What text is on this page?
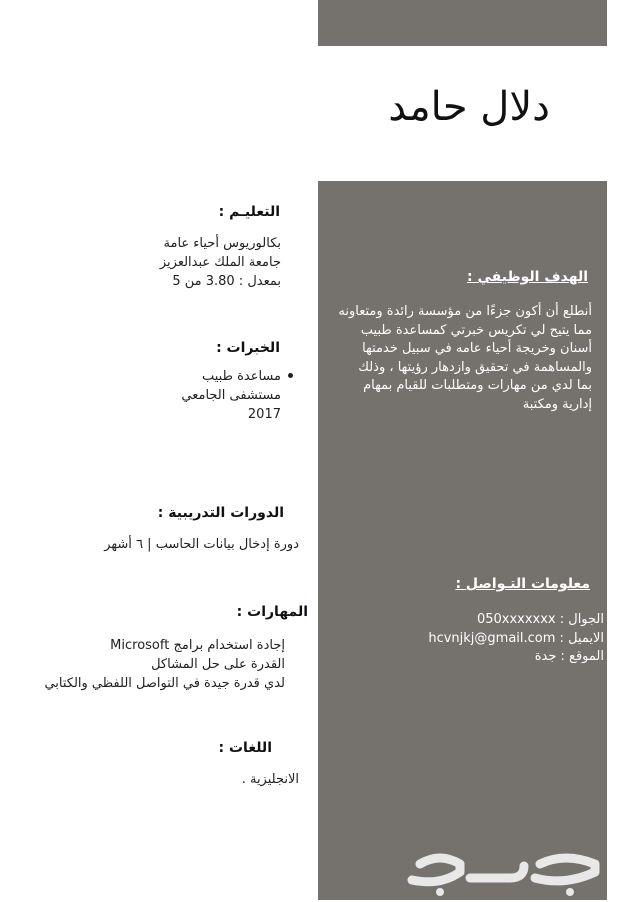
دلال حامد
التعليـم :
بكالوريوس أحياء عامة
جامعة الملك عبدالعزيز
بمعدل : 3.80 من 5
الخبرات :
مساعدة طبيب
مستشفى الجامعي
2017
الدورات التدريبية :
دورة إدخال بيانات الحاسب | ٦ أشهر
المهارات :
إجادة استخدام برامج Microsoft
القدرة على حل المشاكل
لدي قدرة جيدة في التواصل اللفظي والكتابي
اللغات :
الانجليزية .
الهدف الوظيفي :
أنطلع أن أكون جزءًا من مؤسسة رائدة ومتعاونه
مما يتيح لي تكريس خبرتي كمساعدة طبيب
أسنان وخريجة أحياء عامه في سبيل خدمتها
والمساهمة في تحقيق وازدهار رؤيتها ، وذلك
بما لدي من مهارات ومتطلبات للقيام بمهام
إدارية ومكتبة
معلومات التـواصل :
الجوال : 050xxxxxxx
الايميل : hcvnjkj@gmail.com
الموقع : جدة
